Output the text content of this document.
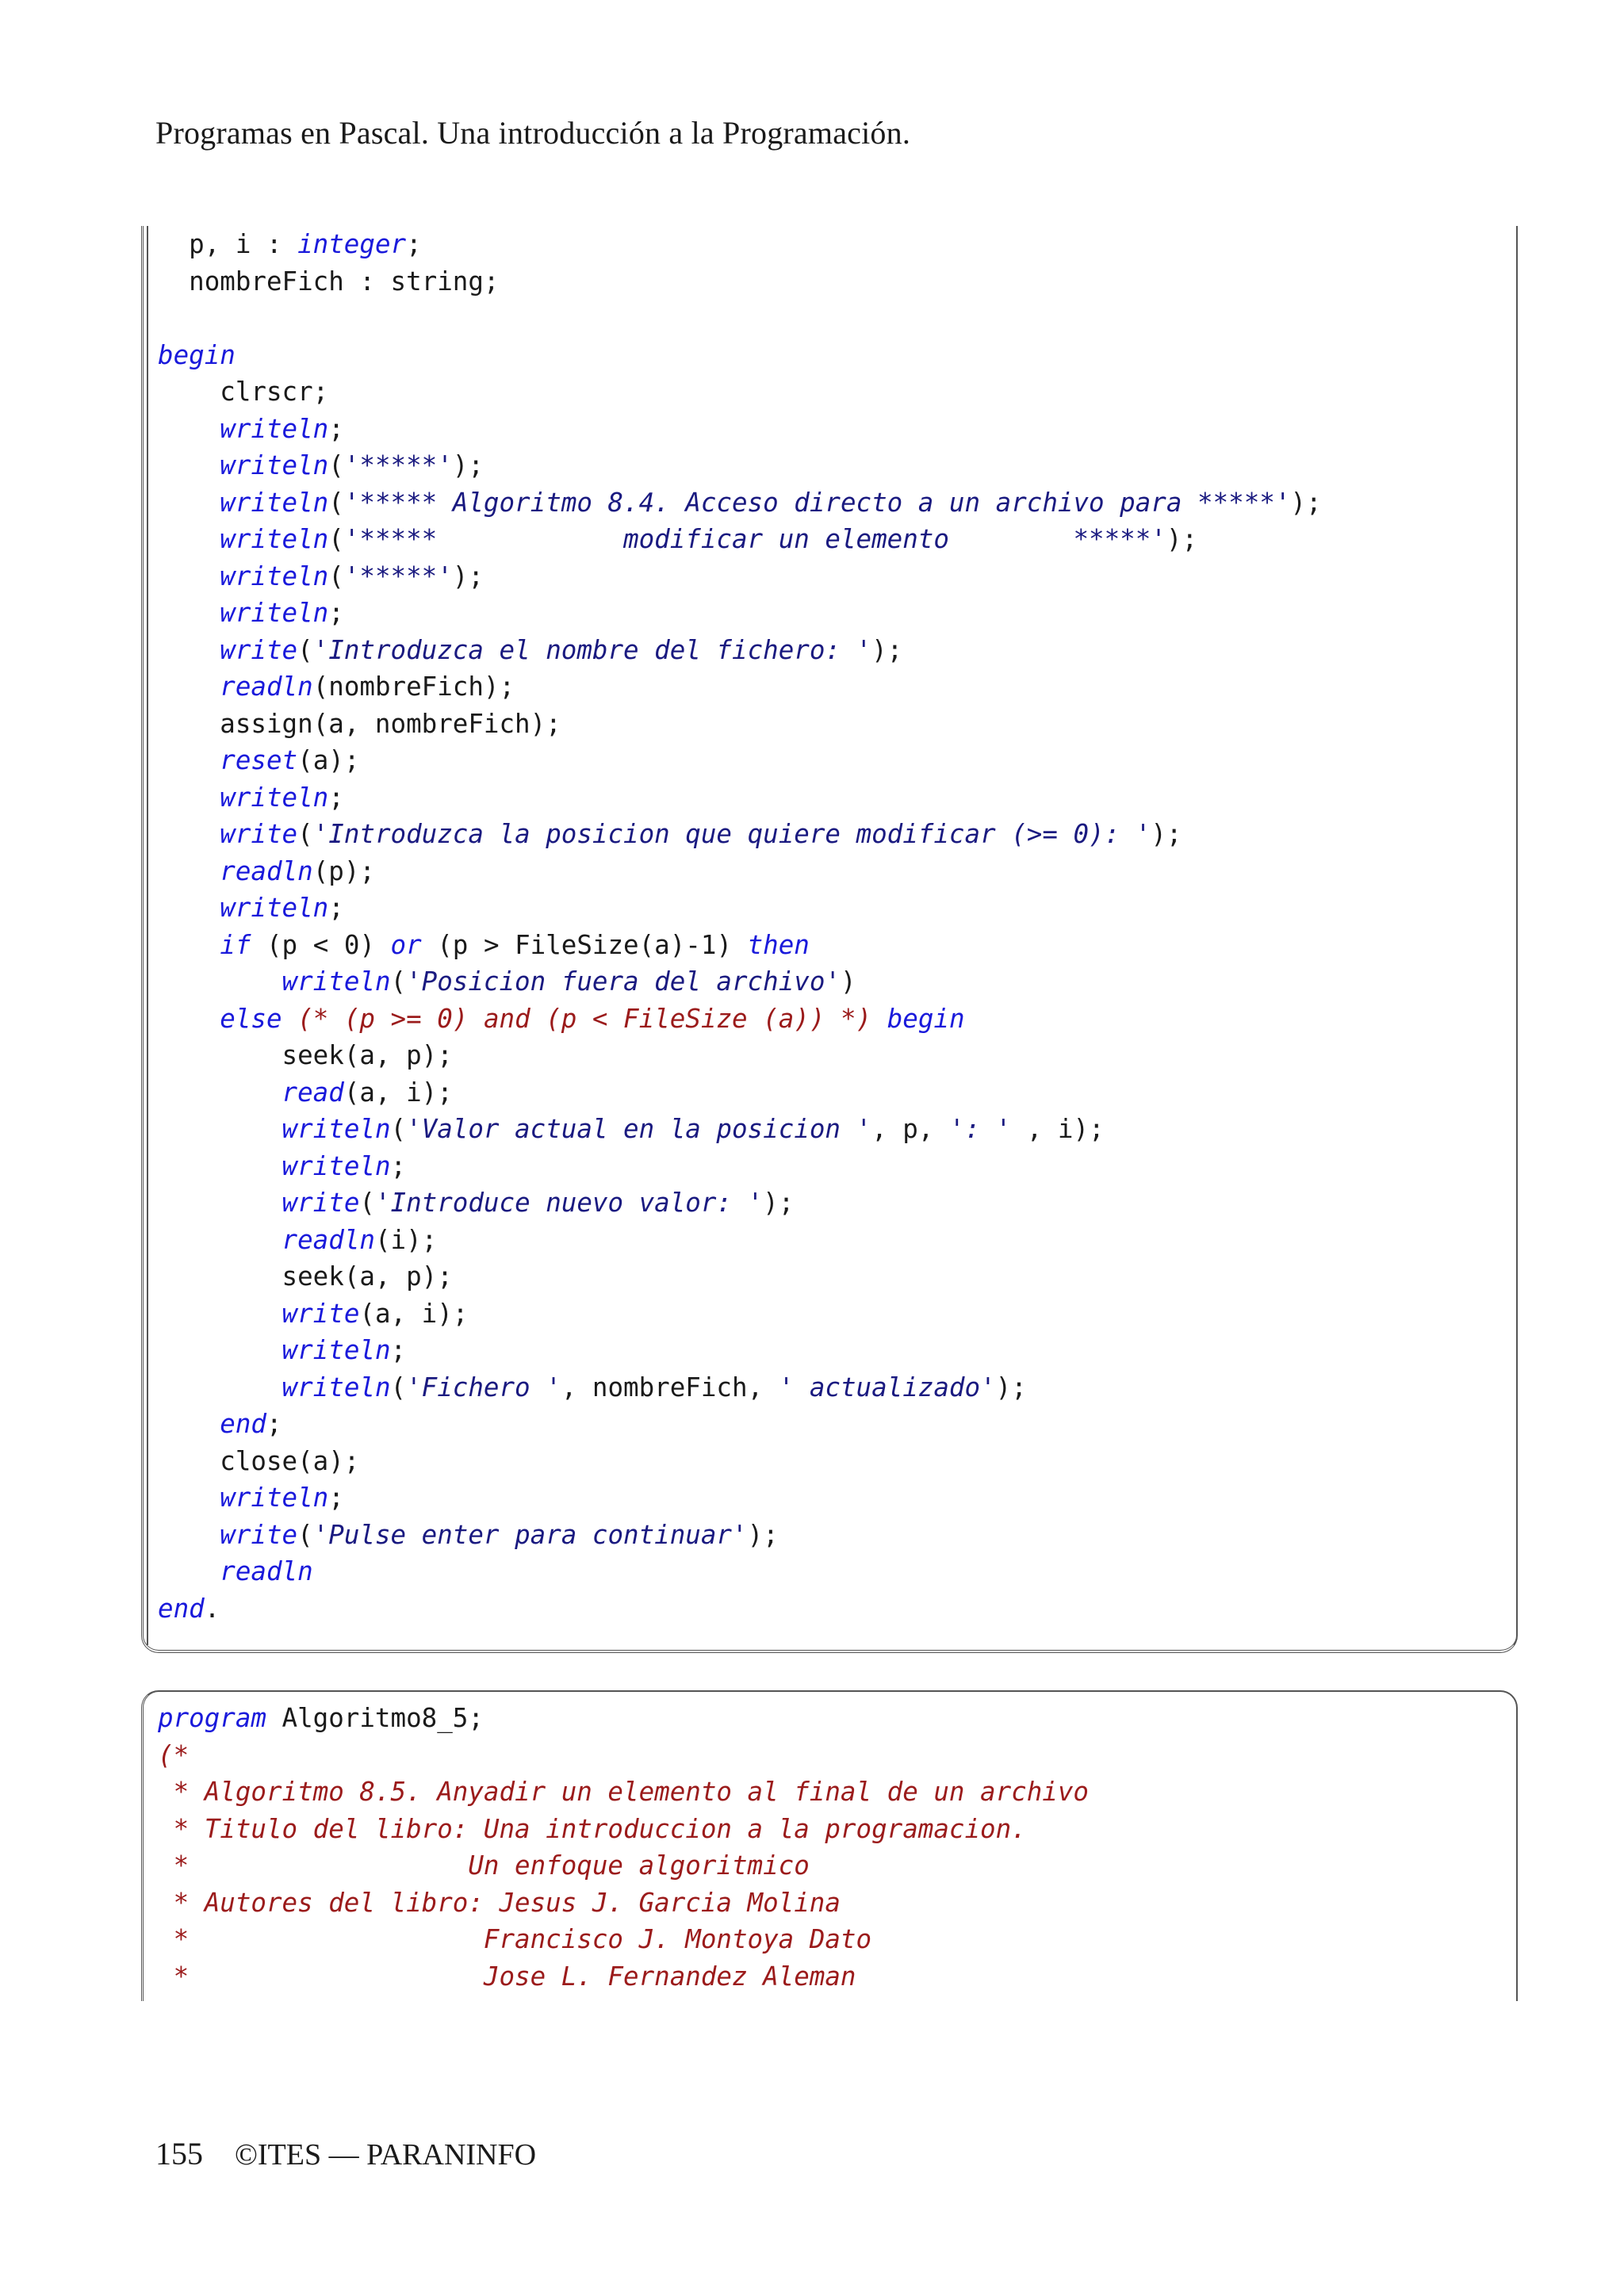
Programas en Pascal. Una introducción a la Programación.
p, i : integer;
nombreFich : string;
begin
clrscr;
writeln;
writeln('*****');
writeln('***** Algoritmo 8.4. Acceso directo a un archivo para *****');
writeln('*****            modificar un elemento        *****');
writeln('*****');
writeln;
write('Introduzca el nombre del fichero: ');
readln(nombreFich);
assign(a, nombreFich);
reset(a);
writeln;
write('Introduzca la posicion que quiere modificar (>= 0): ');
readln(p);
writeln;
if (p < 0) or (p > FileSize(a)-1) then
writeln('Posicion fuera del archivo')
else (* (p >= 0) and (p < FileSize (a)) *) begin
seek(a, p);
read(a, i);
writeln('Valor actual en la posicion ', p, ': ' , i);
writeln;
write('Introduce nuevo valor: ');
readln(i);
seek(a, p);
write(a, i);
writeln;
writeln('Fichero ', nombreFich, ' actualizado');
end;
close(a);
writeln;
write('Pulse enter para continuar');
readln
end.
program Algoritmo8_5;
(*
* Algoritmo 8.5. Anyadir un elemento al final de un archivo
* Titulo del libro: Una introduccion a la programacion.
*                  Un enfoque algoritmico
* Autores del libro: Jesus J. Garcia Molina
*                   Francisco J. Montoya Dato
*                   Jose L. Fernandez Aleman
155 ©ITES — PARANINFO
